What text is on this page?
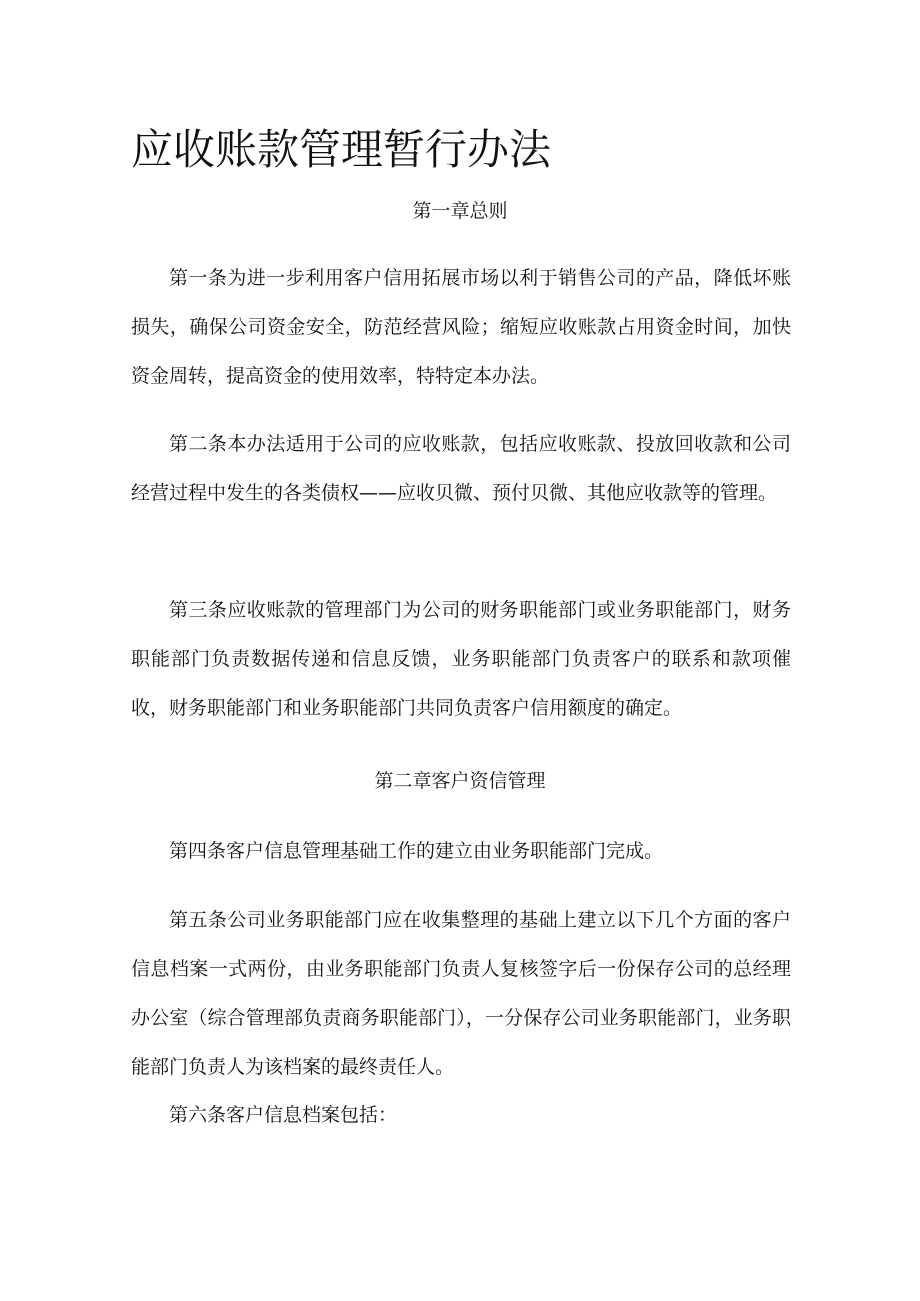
应收账款管理暂行办法
第一章总则

第一条为进一步利用客户信用拓展市场以利于销售公司的产品，降低坏账损失，确保公司资金安全，防范经营风险；缩短应收账款占用资金时间，加快资金周转，提高资金的使用效率，特特定本办法。

第二条本办法适用于公司的应收账款，包括应收账款、投放回收款和公司经营过程中发生的各类债权——应收贝微、预付贝微、其他应收款等的管理。

第三条应收账款的管理部门为公司的财务职能部门或业务职能部门，财务职能部门负责数据传递和信息反馈，业务职能部门负责客户的联系和款项催收，财务职能部门和业务职能部门共同负责客户信用额度的确定。

第二章客户资信管理

第四条客户信息管理基础工作的建立由业务职能部门完成。

第五条公司业务职能部门应在收集整理的基础上建立以下几个方面的客户信息档案一式两份，由业务职能部门负责人复核签字后一份保存公司的总经理办公室（综合管理部负责商务职能部门），一分保存公司业务职能部门，业务职能部门负责人为该档案的最终责任人。

第六条客户信息档案包括：
